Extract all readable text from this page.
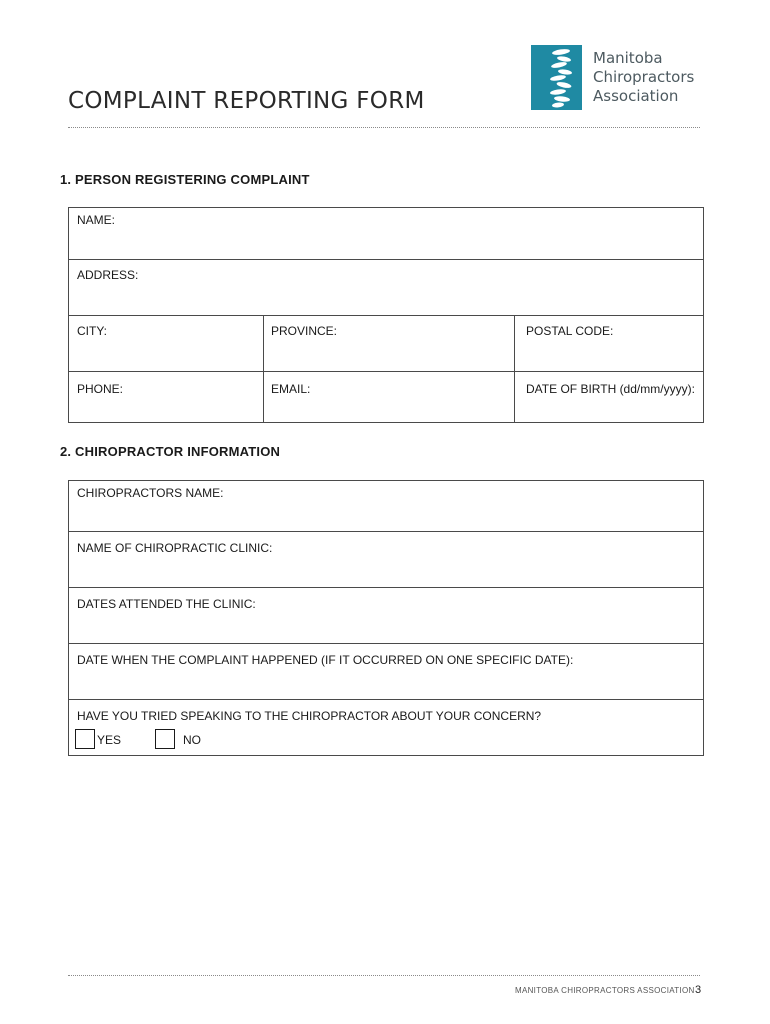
COMPLAINT REPORTING FORM
Manitoba
Chiropractors
Association
1. PERSON REGISTERING COMPLAINT
NAME:
ADDRESS:
CITY:	PROVINCE:	POSTAL CODE:
PHONE:	EMAIL:	DATE OF BIRTH (dd/mm/yyyy):
2. CHIROPRACTOR INFORMATION
CHIROPRACTORS NAME:
NAME OF CHIROPRACTIC CLINIC:
DATES ATTENDED THE CLINIC:
DATE WHEN THE COMPLAINT HAPPENED (IF IT OCCURRED ON ONE SPECIFIC DATE):
HAVE YOU TRIED SPEAKING TO THE CHIROPRACTOR ABOUT YOUR CONCERN?
YES	NO
MANITOBA CHIROPRACTORS ASSOCIATION 3
